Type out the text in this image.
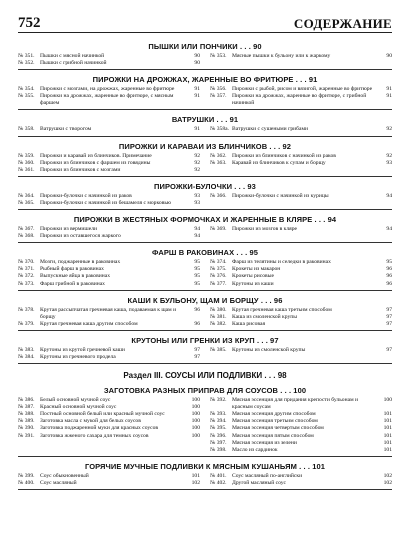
752	СОДЕРЖАНИЕ
ПЫШКИ ИЛИ ПОНЧИКИ . . . 90
№ 351. Пышки с мясной начинкой	90
№ 352. Пышки с грибной начинкой	90
№ 353. Мясные пышки к бульону или к жаркому	90
ПИРОЖКИ НА ДРОЖЖАХ, ЖАРЕННЫЕ ВО ФРИТЮРЕ . . . 91
№ 354. Пирожки с мозгами, на дрожжах, жаренные во фритюре	91
№ 355. Пирожки на дрожжах, жаренные во фритюре, с мясным фаршем
91
№ 356. Пирожки с рыбой, рисом и вязигой, жаренные во фритюре	91
№ 357. Пирожки на дрожжах, жаренные во фритюре, с грибной начинкой
91
ВАТРУШКИ . . . 91
№ 358. Ватрушки с творогом	91 № 358а. Ватрушки с сушеными грибами	92
ПИРОЖКИ И КАРАВАИ ИЗ БЛИНЧИКОВ . . . 92
№ 359. Пирожки и каравай из блинчиков. Примечание	92
№ 360. Пирожки из блинчиков с фаршем из говядины	92
№ 361. Пирожки из блинчиков с мозгами	92
№ 362. Пирожки из блинчиков с начинкой из раков	92
№ 363. Каравай из блинчиков к супам и борщу	93
ПИРОЖКИ-БУЛОЧКИ . . . 93
№ 364. Пирожки-булочки с начинкой из раков	93
№ 365. Пирожки-булочки с начинкой из бешамеля с морковью	93
№ 366. Пирожки-булочки с начинкой из курицы	94
ПИРОЖКИ В ЖЕСТЯНЫХ ФОРМОЧКАХ И ЖАРЕННЫЕ В КЛЯРЕ . . . 94
№ 367. Пирожки из вермишели	94
№ 368. Пирожки из оставшегося жаркого	94
№ 369. Пирожки из мозгов в кляре	94
ФАРШ В РАКОВИНАХ . . . 95
№ 370. Мозги, поджаренные в раковинах	95
№ 371. Рыбный фарш в раковинах	95
№ 372. Выпускные яйца в раковинах	95
№ 373. Фарш грибной в раковинах	95
№ 374. Фарш из телятины и селедки в раковинах	95
№ 375. Крокеты из макарон	96
№ 376. Крокеты рисовые	96
№ 377. Крутоны из каши	96
КАШИ К БУЛЬОНУ, ЩАМ И БОРЩУ . . . 96
№ 378. Крутая рассыпчатая гречневая каша, подаваемая к щам и борщу
96
№ 379. Крутая гречневая каша другим способом	96
№ 380. Крутая гречневая каша третьим способом	97
№ 381. Каша из смоленской крупы	97
№ 382. Каша рисовая	97
КРУТОНЫ ИЛИ ГРЕНКИ ИЗ КРУП . . . 97
№ 383. Крутоны из крутой гречневой каши	97
№ 384. Крутоны из гречневого продела	97
№ 385. Крутоны из смоленской крупы	97
Раздел III. СОУСЫ ИЛИ ПОДЛИВКИ . . . 98
ЗАГОТОВКА РАЗНЫХ ПРИПРАВ ДЛЯ СОУСОВ . . . 100
№ 386. Белый основной мучной соус	100
№ 387. Красный основной мучной соус	100
№ 388. Постный основной белый или красный мучной соус	100
№ 389. Заготовка масла с мукой для белых соусов	100
№ 390. Заготовка поджаренной муки для красных соусов	100
№ 391. Заготовка жженого сахара для темных соусов	100
№ 392. Мясная эссенция для придания крепости бульонам и красным соусам
100
№ 393. Мясная эссенция другим способом	101
№ 394. Мясная эссенция третьим способом	101
№ 395. Мясная эссенция четвертым способом	101
№ 396. Мясная эссенция пятым способом	101
№ 397. Мясная эссенция из зелени	101
№ 398. Масло из сардинок	101
ГОРЯЧИЕ МУЧНЫЕ ПОДЛИВКИ К МЯСНЫМ КУШАНЬЯМ . . . 101
№ 399. Соус обыкновенный	101
№ 400. Соус масляный	102
№ 401. Соус масляный по-английски	102
№ 402. Другой масляный соус	102
